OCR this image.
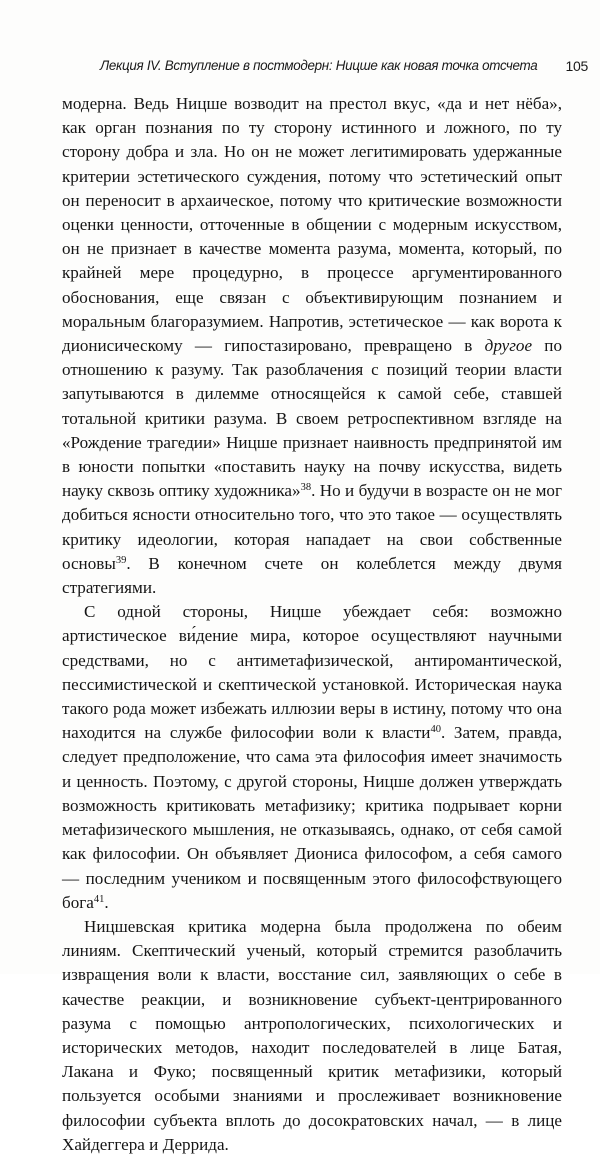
Лекция IV. Вступление в постмодерн: Ницше как новая точка отсчета 105

модерна. Ведь Ницше возводит на престол вкус, «да и нет нёба», как орган познания по ту сторону истинного и ложного, по ту сторону добра и зла. Но он не может легитимировать удержанные критерии эстетического суждения, потому что эстетический опыт он переносит в архаическое, потому что критические возможности оценки ценности, отточенные в общении с модерным искусством, он не признает в качестве момента разума, момента, который, по крайней мере процедурно, в процессе аргументированного обоснования, еще связан с объективирующим познанием и моральным благоразумием. Напротив, эстетическое — как ворота к дионисическому — гипостазировано, превращено в другое по отношению к разуму. Так разоблачения с позиций теории власти запутываются в дилемме относящейся к самой себе, ставшей тотальной критики разума. В своем ретроспективном взгляде на «Рождение трагедии» Ницше признает наивность предпринятой им в юности попытки «поставить науку на почву искусства, видеть науку сквозь оптику художника»$^{38}$. Но и будучи в возрасте он не мог добиться ясности относительно того, что это такое — осуществлять критику идеологии, которая нападает на свои собственные основы$^{39}$. В конечном счете он колеблется между двумя стратегиями.

С одной стороны, Ницше убеждает себя: возможно артистическое ви́дение мира, которое осуществляют научными средствами, но с антиметафизической, антиромантической, пессимистической и скептической установкой. Историческая наука такого рода может избежать иллюзии веры в истину, потому что она находится на службе философии воли к власти$^{40}$. Затем, правда, следует предположение, что сама эта философия имеет значимость и ценность. Поэтому, с другой стороны, Ницше должен утверждать возможность критиковать метафизику; критика подрывает корни метафизического мышления, не отказываясь, однако, от себя самой как философии. Он объявляет Диониса философом, а себя самого — последним учеником и посвященным этого философствующего бога$^{41}$.

Ницшевская критика модерна была продолжена по обеим линиям. Скептический ученый, который стремится разоблачить извращения воли к власти, восстание сил, заявляющих о себе в качестве реакции, и возникновение субъект-центрированного разума с помощью антропологических, психологических и исторических методов, находит последователей в лице Батая, Лакана и Фуко; посвященный критик метафизики, который пользуется особыми знаниями и прослеживает возникновение философии субъекта вплоть до досократовских начал, — в лице Хайдеггера и Деррида.
